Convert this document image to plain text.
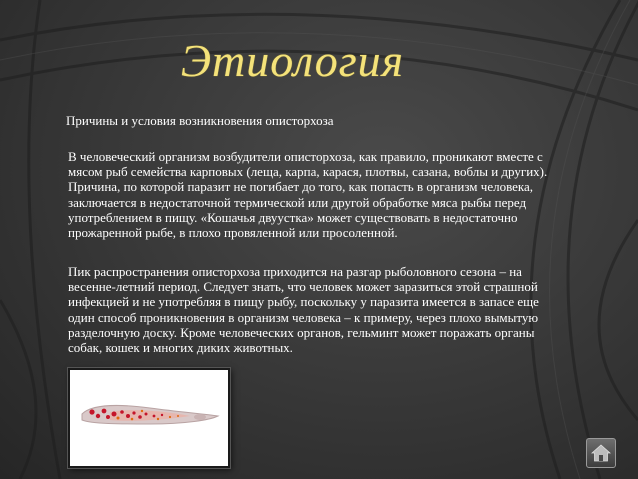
Этиология
Причины и условия возникновения описторхоза
В человеческий организм возбудители описторхоза, как правило, проникают вместе с мясом рыб семейства карповых (леща, карпа, карася, плотвы, сазана, воблы и других). Причина, по которой паразит не погибает до того, как попасть в организм человека, заключается в недостаточной термической или другой обработке мяса рыбы перед употреблением в пищу. «Кошачья двуустка» может существовать в недостаточно прожаренной рыбе, в плохо провяленной или просоленной.
Пик распространения описторхоза приходится на разгар рыболовного сезона – на весенне-летний период. Следует знать, что человек может заразиться этой страшной инфекцией и не употребляя в пищу рыбу, поскольку у паразита имеется в запасе еще один способ проникновения в организм человека – к примеру, через плохо вымытую разделочную доску. Кроме человеческих органов, гельминт может поражать органы собак, кошек и многих диких животных.
